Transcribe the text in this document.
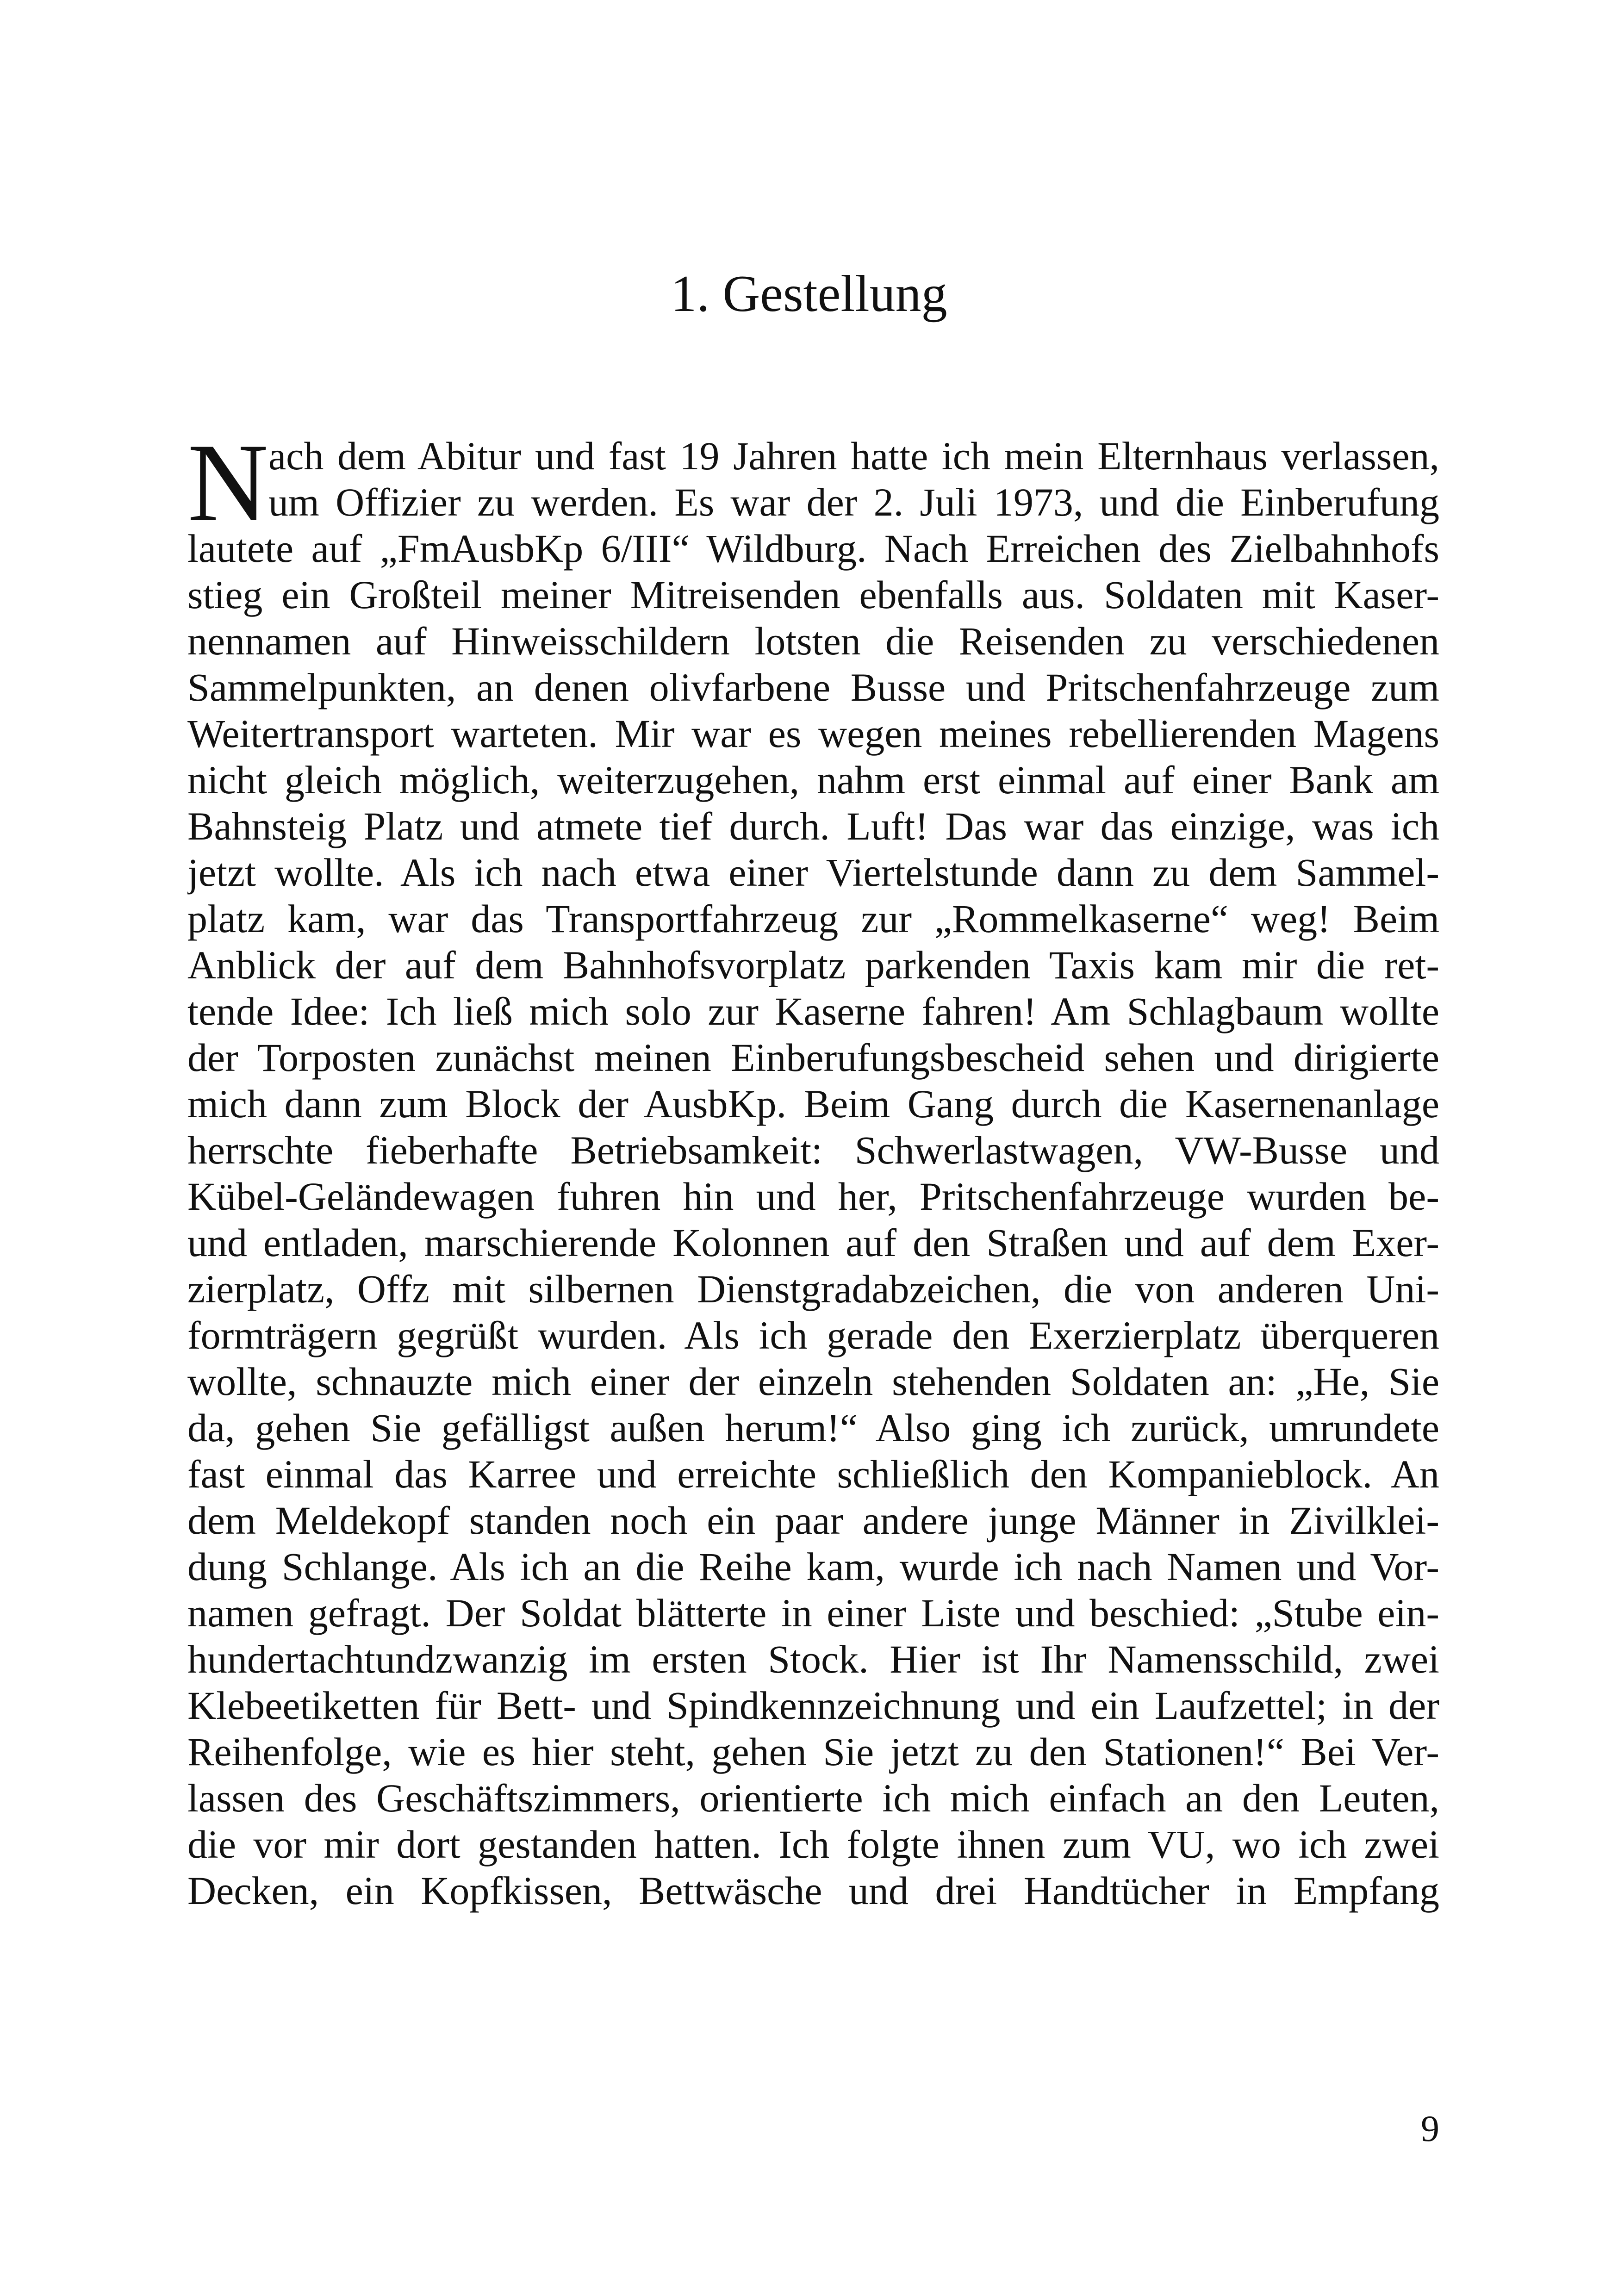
1. Gestellung
N ach dem Abitur und fast 19 Jahren hatte ich mein Elternhaus verlassen,
um Offizier zu werden. Es war der 2. Juli 1973, und die Einberufung
lautete auf „FmAusbKp 6/III“ Wildburg. Nach Erreichen des Zielbahnhofs
stieg ein Großteil meiner Mitreisenden ebenfalls aus. Soldaten mit Kaser-
nennamen auf Hinweisschildern lotsten die Reisenden zu verschiedenen
Sammelpunkten, an denen olivfarbene Busse und Pritschenfahrzeuge zum
Weitertransport warteten. Mir war es wegen meines rebellierenden Magens
nicht gleich möglich, weiterzugehen, nahm erst einmal auf einer Bank am
Bahnsteig Platz und atmete tief durch. Luft! Das war das einzige, was ich
jetzt wollte. Als ich nach etwa einer Viertelstunde dann zu dem Sammel-
platz kam, war das Transportfahrzeug zur „Rommelkaserne“ weg! Beim
Anblick der auf dem Bahnhofsvorplatz parkenden Taxis kam mir die ret-
tende Idee: Ich ließ mich solo zur Kaserne fahren! Am Schlagbaum wollte
der Torposten zunächst meinen Einberufungsbescheid sehen und dirigierte
mich dann zum Block der AusbKp. Beim Gang durch die Kasernenanlage
herrschte fieberhafte Betriebsamkeit: Schwerlastwagen, VW-Busse und
Kübel-Geländewagen fuhren hin und her, Pritschenfahrzeuge wurden be-
und entladen, marschierende Kolonnen auf den Straßen und auf dem Exer-
zierplatz, Offz mit silbernen Dienstgradabzeichen, die von anderen Uni-
formträgern gegrüßt wurden. Als ich gerade den Exerzierplatz überqueren
wollte, schnauzte mich einer der einzeln stehenden Soldaten an: „He, Sie
da, gehen Sie gefälligst außen herum!“ Also ging ich zurück, umrundete
fast einmal das Karree und erreichte schließlich den Kompanieblock. An
dem Meldekopf standen noch ein paar andere junge Männer in Zivilklei-
dung Schlange. Als ich an die Reihe kam, wurde ich nach Namen und Vor-
namen gefragt. Der Soldat blätterte in einer Liste und beschied: „Stube ein-
hundertachtundzwanzig im ersten Stock. Hier ist Ihr Namensschild, zwei
Klebeetiketten für Bett- und Spindkennzeichnung und ein Laufzettel; in der
Reihenfolge, wie es hier steht, gehen Sie jetzt zu den Stationen!“ Bei Ver-
lassen des Geschäftszimmers, orientierte ich mich einfach an den Leuten,
die vor mir dort gestanden hatten. Ich folgte ihnen zum VU, wo ich zwei
Decken, ein Kopfkissen, Bettwäsche und drei Handtücher in Empfang
9
